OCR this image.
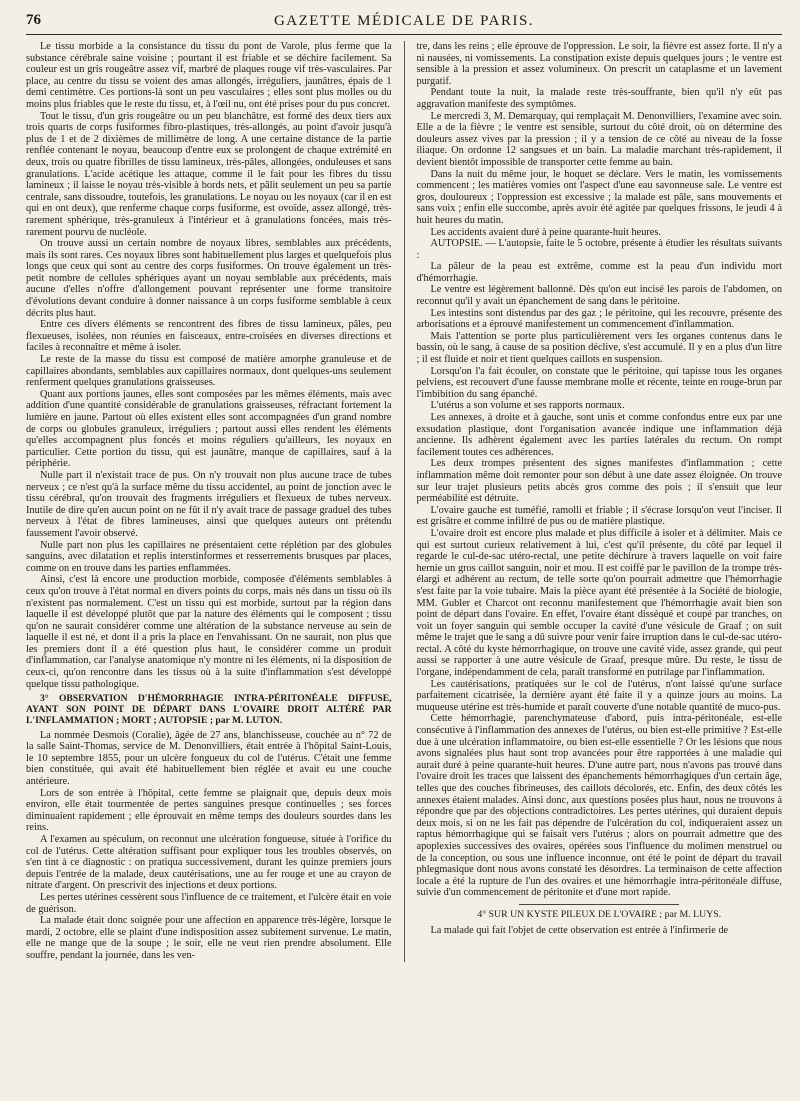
76	GAZETTE MÉDICALE DE PARIS.

Le tissu morbide a la consistance du tissu du pont de Varole, plus ferme que la substance cérébrale saine voisine ; pourtant il est friable et se déchire facilement. Sa couleur est un gris rougeâtre assez vif, marbré de plaques rouge vif très-vasculaires. Par place, au centre du tissu se voient des amas allongés, irréguliers, jaunâtres, épais de 1 demi centimètre. Ces portions-là sont un peu vasculaires ; elles sont plus molles ou du moins plus friables que le reste du tissu, et, à l'œil nu, ont été prises pour du pus concret.

Tout le tissu, d'un gris rougeâtre ou un peu blanchâtre, est formé des deux tiers aux trois quarts de corps fusiformes fibro-plastiques, très-allongés, au point d'avoir jusqu'à plus de 1 et de 2 dixièmes de millimètre de long. A une certaine distance de la partie renflée contenant le noyau, beaucoup d'entre eux se prolongent de chaque extrémité en deux, trois ou quatre fibrilles de tissu lamineux, très-pâles, allongées, onduleuses et sans granulations. L'acide acétique les attaque, comme il le fait pour les fibres du tissu lamineux ; il laisse le noyau très-visible à bords nets, et pâlit seulement un peu sa partie centrale, sans dissoudre, toutefois, les granulations. Le noyau ou les noyaux (car il en est qui en ont deux), que renferme chaque corps fusiforme, est ovoïde, assez allongé, très-rarement sphérique, très-granuleux à l'intérieur et à granulations foncées, mais très-rarement pourvu de nucléole.

On trouve aussi un certain nombre de noyaux libres, semblables aux précédents, mais ils sont rares. Ces noyaux libres sont habituellement plus larges et quelquefois plus longs que ceux qui sont au centre des corps fusiformes. On trouve également un très-petit nombre de cellules sphériques ayant un noyau semblable aux précédents, mais aucune d'elles n'offre d'allongement pouvant représenter une forme transitoire d'évolutions devant conduire à donner naissance à un corps fusiforme semblable à ceux décrits plus haut.

Entre ces divers éléments se rencontrent des fibres de tissu lamineux, pâles, peu flexueuses, isolées, non réunies en faisceaux, entre-croisées en diverses directions et faciles à reconnaître et même à isoler.

Le reste de la masse du tissu est composé de matière amorphe granuleuse et de capillaires abondants, semblables aux capillaires normaux, dont quelques-uns seulement renferment quelques granulations graisseuses.

Quant aux portions jaunes, elles sont composées par les mêmes éléments, mais avec addition d'une quantité considérable de granulations graisseuses, réfractant fortement la lumière en jaune. Partout où elles existent elles sont accompagnées d'un grand nombre de corps ou globules granuleux, irréguliers ; partout aussi elles rendent les éléments qu'elles accompagnent plus foncés et moins réguliers qu'ailleurs, les noyaux en particulier. Cette portion du tissu, qui est jaunâtre, manque de capillaires, sauf à la périphérie.

Nulle part il n'existait trace de pus. On n'y trouvait non plus aucune trace de tubes nerveux ; ce n'est qu'à la surface même du tissu accidentel, au point de jonction avec le tissu cérébral, qu'on trouvait des fragments irréguliers et flexueux de tubes nerveux. Inutile de dire qu'en aucun point on ne fût il n'y avait trace de passage graduel des tubes nerveux à l'état de fibres lamineuses, ainsi que quelques auteurs ont prétendu faussement l'avoir observé.

Nulle part non plus les capillaires ne présentaient cette réplétion par des globules sanguins, avec dilatation et replis interstinformes et resserrements brusques par places, comme on en trouve dans les parties enflammées.

Ainsi, c'est là encore une production morbide, composée d'éléments semblables à ceux qu'on trouve à l'état normal en divers points du corps, mais nés dans un tissu où ils n'existent pas normalement. C'est un tissu qui est morbide, surtout par la région dans laquelle il est développé plutôt que par la nature des éléments qui le composent ; tissu qu'on ne saurait considérer comme une altération de la substance nerveuse au sein de laquelle il est né, et dont il a pris la place en l'envahissant. On ne saurait, non plus que les premiers dont il a été question plus haut, le considérer comme un produit d'inflammation, car l'analyse anatomique n'y montre ni les éléments, ni la disposition de ceux-ci, qu'on rencontre dans les tissus où à la suite d'inflammation s'est développé quelque tissu pathologique.

3° OBSERVATION D'HÉMORRHAGIE INTRA-PÉRITONÉALE DIFFUSE, AYANT SON POINT DE DÉPART DANS L'OVAIRE DROIT ALTÉRÉ PAR L'INFLAMMATION ; MORT ; AUTOPSIE ; par M. LUTON.

La nommée Desmois (Coralie), âgée de 27 ans, blanchisseuse, couchée au n° 72 de la salle Saint-Thomas, service de M. Denonvilliers, était entrée à l'hôpital Saint-Louis, le 10 septembre 1855, pour un ulcère fongueux du col de l'utérus. C'était une femme bien constituée, qui avait été habituellement bien réglée et avait eu une couche antérieure.

Lors de son entrée à l'hôpital, cette femme se plaignait que, depuis deux mois environ, elle était tourmentée de pertes sanguines presque continuelles ; ses forces diminuaient rapidement ; elle éprouvait en même temps des douleurs sourdes dans les reins.

A l'examen au spéculum, on reconnut une ulcération fongueuse, située à l'orifice du col de l'utérus. Cette altération suffisant pour expliquer tous les troubles observés, on s'en tint à ce diagnostic : on pratiqua successivement, durant les quinze premiers jours depuis l'entrée de la malade, deux cautérisations, une au fer rouge et une au crayon de nitrate d'argent. On prescrivit des injections et deux portions.

Les pertes utérines cessèrent sous l'influence de ce traitement, et l'ulcère était en voie de guérison.

La malade était donc soignée pour une affection en apparence très-légère, lorsque le mardi, 2 octobre, elle se plaint d'une indisposition assez subitement survenue. Le matin, elle ne mange que de la soupe ; le soir, elle ne veut rien prendre absolument. Elle souffre, pendant la journée, dans les ven-

tre, dans les reins ; elle éprouve de l'oppression. Le soir, la fièvre est assez forte. Il n'y a ni nausées, ni vomissements. La constipation existe depuis quelques jours ; le ventre est sensible à la pression et assez volumineux. On prescrit un cataplasme et un lavement purgatif.

Pendant toute la nuit, la malade reste très-souffrante, bien qu'il n'y eût pas aggravation manifeste des symptômes.

Le mercredi 3, M. Demarquay, qui remplaçait M. Denonvilliers, l'examine avec soin. Elle a de la fièvre ; le ventre est sensible, surtout du côté droit, où on détermine des douleurs assez vives par la pression ; il y a tension de ce côté au niveau de la fosse iliaque. On ordonne 12 sangsues et un bain. La maladie marchant très-rapidement, il devient bientôt impossible de transporter cette femme au bain.

Dans la nuit du même jour, le hoquet se déclare. Vers le matin, les vomissements commencent ; les matières vomies ont l'aspect d'une eau savonneuse sale. Le ventre est gros, douloureux ; l'oppression est excessive ; la malade est pâle, sans mouvements et sans voix ; enfin elle succombe, après avoir été agitée par quelques frissons, le jeudi 4 à huit heures du matin.

Les accidents avaient duré à peine quarante-huit heures.

AUTOPSIE. — L'autopsie, faite le 5 octobre, présente à étudier les résultats suivants :

La pâleur de la peau est extrême, comme est la peau d'un individu mort d'hémorrhagie.

Le ventre est légèrement ballonné. Dès qu'on eut incisé les parois de l'abdomen, on reconnut qu'il y avait un épanchement de sang dans le péritoine.

Les intestins sont distendus par des gaz ; le péritoine, qui les recouvre, présente des arborisations et a éprouvé manifestement un commencement d'inflammation.

Mais l'attention se porte plus particulièrement vers les organes contenus dans le bassin, où le sang, à cause de sa position déclive, s'est accumulé. Il y en a plus d'un litre ; il est fluide et noir et tient quelques caillots en suspension.

Lorsqu'on l'a fait écouler, on constate que le péritoine, qui tapisse tous les organes pelviens, est recouvert d'une fausse membrane molle et récente, teinte en rouge-brun par l'imbibition du sang épanché.

L'utérus a son volume et ses rapports normaux.

Les annexes, à droite et à gauche, sont unis et comme confondus entre eux par une exsudation plastique, dont l'organisation avancée indique une inflammation déjà ancienne. Ils adhèrent également avec les parties latérales du rectum. On rompt facilement toutes ces adhérences.

Les deux trompes présentent des signes manifestes d'inflammation ; cette inflammation même doit remonter pour son début à une date assez éloignée. On trouve sur leur trajet plusieurs petits abcès gros comme des pois ; il s'ensuit que leur perméabilité est détruite.

L'ovaire gauche est tuméfié, ramolli et friable ; il s'écrase lorsqu'on veut l'inciser. Il est grisâtre et comme infiltré de pus ou de matière plastique.

L'ovaire droit est encore plus malade et plus difficile à isoler et à délimiter. Mais ce qui est surtout curieux relativement à lui, c'est qu'il présente, du côté par lequel il regarde le cul-de-sac utéro-rectal, une petite déchirure à travers laquelle on voit faire hernie un gros caillot sanguin, noir et mou. Il est coiffé par le pavillon de la trompe très-élargi et adhérent au rectum, de telle sorte qu'on pourrait admettre que l'hémorrhagie s'est faite par la voie tubaire. Mais la pièce ayant été présentée à la Société de biologie, MM. Gubler et Charcot ont reconnu manifestement que l'hémorrhagie avait bien son point de départ dans l'ovaire. En effet, l'ovaire étant disséqué et coupé par tranches, on voit un foyer sanguin qui semble occuper la cavité d'une vésicule de Graaf ; on suit même le trajet que le sang a dû suivre pour venir faire irruption dans le cul-de-sac utéro-rectal. A côté du kyste hémorrhagique, on trouve une cavité vide, assez grande, qui peut aussi se rapporter à une autre vésicule de Graaf, presque mûre. Du reste, le tissu de l'organe, indépendamment de cela, paraît transformé en putrilage par l'inflammation.

Les cautérisations, pratiquées sur le col de l'utérus, n'ont laissé qu'une surface parfaitement cicatrisée, la dernière ayant été faite il y a quinze jours au moins. La muqueuse utérine est très-humide et paraît couverte d'une notable quantité de muco-pus.

Cette hémorrhagie, parenchymateuse d'abord, puis intra-péritonéale, est-elle consécutive à l'inflammation des annexes de l'utérus, ou bien est-elle primitive ? Est-elle due à une ulcération inflammatoire, ou bien est-elle essentielle ? Or les lésions que nous avons signalées plus haut sont trop avancées pour être rapportées à une maladie qui aurait duré à peine quarante-huit heures. D'une autre part, nous n'avons pas trouvé dans l'ovaire droit les traces que laissent des épanchements hémorrhagiques d'un certain âge, telles que des couches fibrineuses, des caillots décolorés, etc. Enfin, des deux côtés les annexes étaient malades. Ainsi donc, aux questions posées plus haut, nous ne trouvons à répondre que par des objections contradictoires. Les pertes utérines, qui duraient depuis deux mois, si on ne les fait pas dépendre de l'ulcération du col, indiqueraient assez un raptus hémorrhagique qui se faisait vers l'utérus ; alors on pourrait admettre que des apoplexies successives des ovaires, opérées sous l'influence du molimen menstruel ou de la conception, ou sous une influence inconnue, ont été le point de départ du travail phlegmasique dont nous avons constaté les désordres. La terminaison de cette affection locale a été la rupture de l'un des ovaires et une hémorrhagie intra-péritonéale diffuse, suivie d'un commencement de péritonite et d'une mort rapide.

4° SUR UN KYSTE PILEUX DE L'OVAIRE ; par M. LUYS.

La malade qui fait l'objet de cette observation est entrée à l'infirmerie de
